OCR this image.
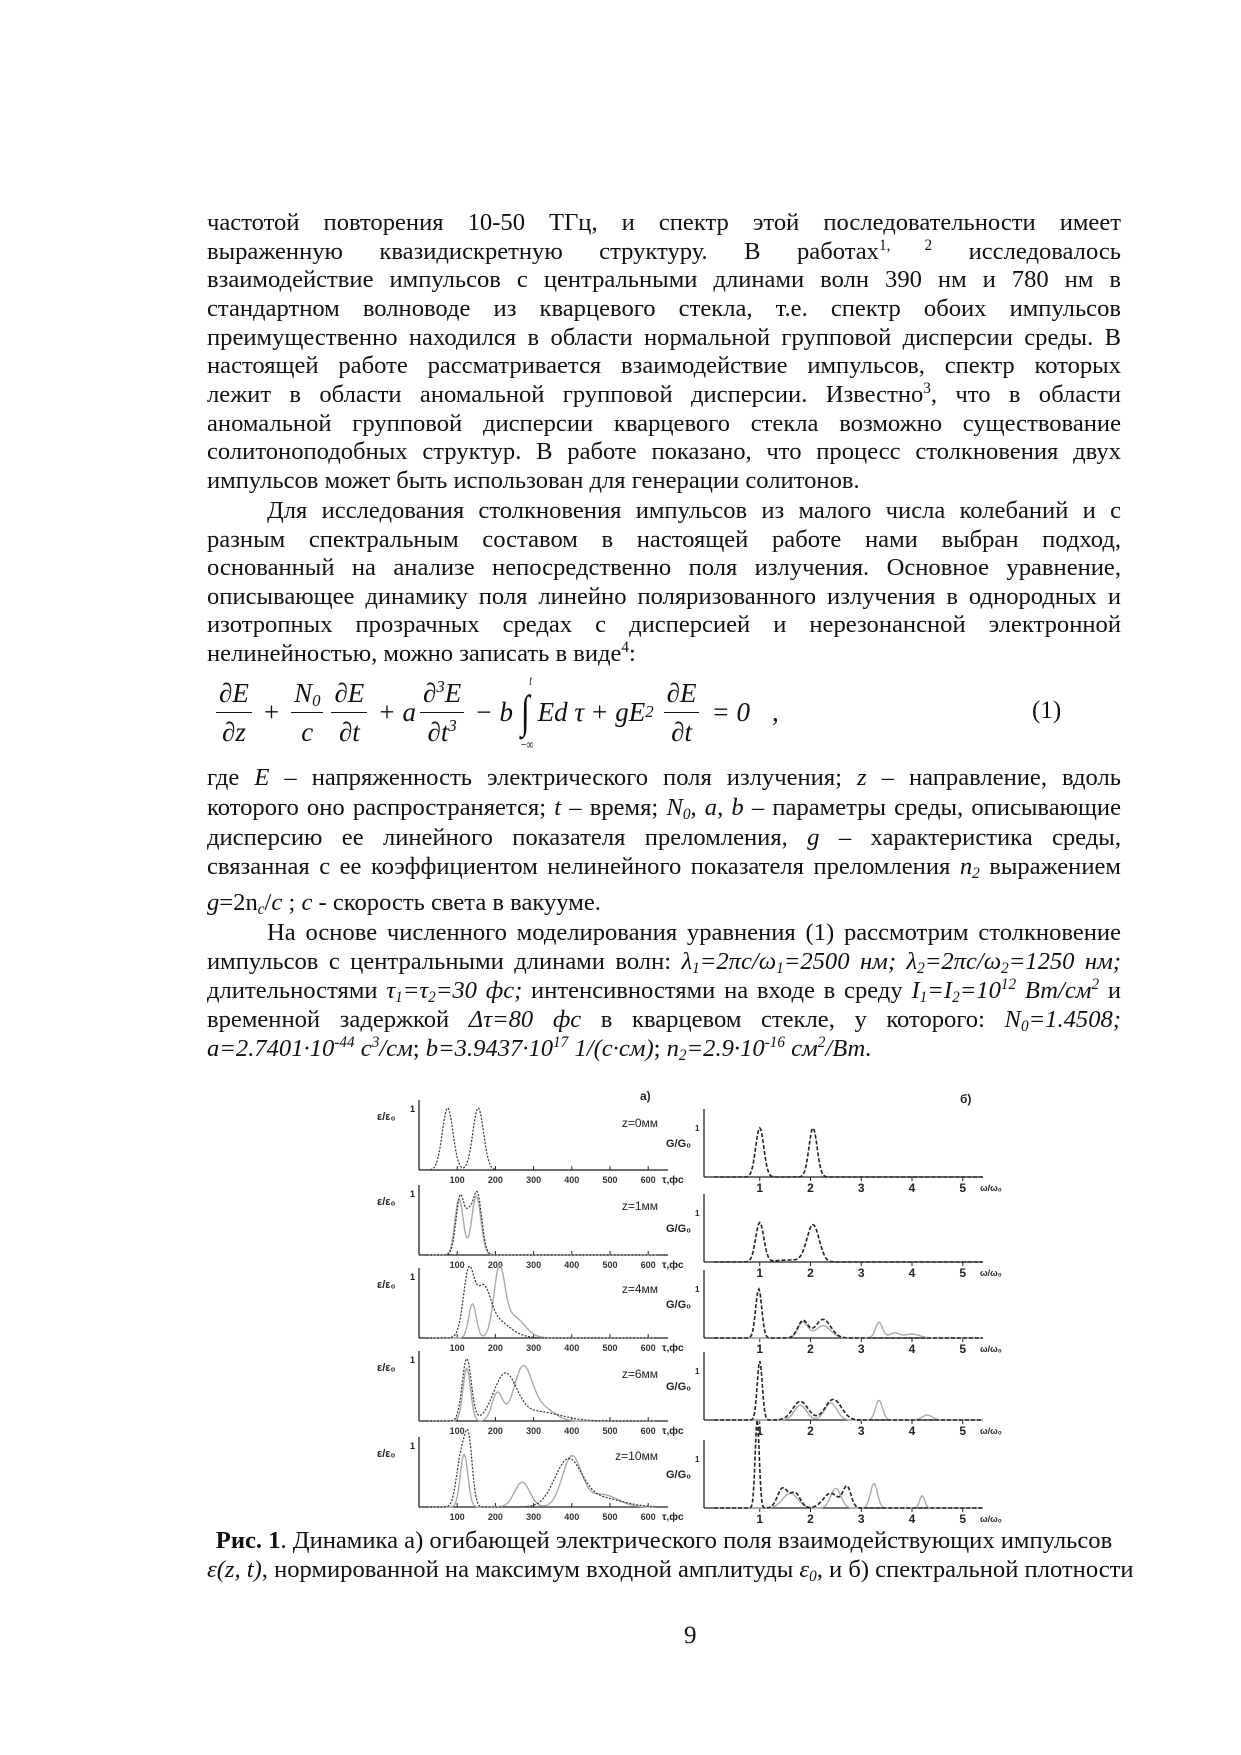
частотой повторения 10-50 ТГц, и спектр этой последовательности имеет
выраженную квазидискретную структуру. В работах$^{1, 2}$ исследовалось
взаимодействие импульсов с центральными длинами волн 390 нм и 780 нм в
стандартном волноводе из кварцевого стекла, т.е. спектр обоих импульсов
преимущественно находился в области нормальной групповой дисперсии среды. В
настоящей работе рассматривается взаимодействие импульсов, спектр которых
лежит в области аномальной групповой дисперсии. Известно$^3$, что в области
аномальной групповой дисперсии кварцевого стекла возможно существование
солитоноподобных структур. В работе показано, что процесс столкновения двух
импульсов может быть использован для генерации солитонов.
Для исследования столкновения импульсов из малого числа колебаний и с
разным спектральным составом в настоящей работе нами выбран подход,
основанный на анализе непосредственно поля излучения. Основное уравнение,
описывающее динамику поля линейно поляризованного излучения в однородных и
изотропных прозрачных средах с дисперсией и нерезонансной электронной
нелинейностью, можно записать в виде$^4$:
где E – напряженность электрического поля излучения; z – направление, вдоль
которого оно распространяется; t – время; $N_0$, a, b – параметры среды, описывающие
дисперсию ее линейного показателя преломления, g – характеристика среды,
связанная с ее коэффициентом нелинейного показателя преломления $n_2$ выражением
$g=2n_c/c$ ; c - скорость света в вакууме.
На основе численного моделирования уравнения (1) рассмотрим столкновение
импульсов с центральными длинами волн: $\lambda_1=2\pi c/\omega_1=2500$ нм; $\lambda_2=2\pi c/\omega_2=1250$ нм;
длительностями $\tau_1=\tau_2=30$ фс; интенсивностями на входе в среду $I_1=I_2=10^{12}$ $Вт/см^2$ и
временной задержкой Δτ=80 фс в кварцевом стекле, у которого: $N_0=1.4508$;
$a=2.7401\cdot 10^{-44}$ $c^3/см$; $b=3.9437\cdot 10^{17}$ 1/(c·см); $n_2=2.9\cdot 10^{-16}$ $см^2/Вт$.
$\frac{\partial E}{\partial z} + \frac{N_0}{c} \frac{\partial E}{\partial t} + a \frac{\partial^3E}{\partial t^3} - b$ ∫
t
−∞
Ed τ + gE $2 \frac{\partial E}{\partial t} = 0$ ,	(1)
ε/ε₀
1
100	200	300	400	500	600 τ,фс
z=0мм
G/G₀
1
1	2	3	4	5 ω/ω₀
ε/ε₀
1
100	200	300	400	500	600 τ,фс
z=1мм
G/G₀
1
1	2	3	4	5 ω/ω₀
ε/ε₀
1
100	200	300	400	500	600 τ,фс
z=4мм
G/G₀
1
1	2	3	4	5 ω/ω₀
ε/ε₀
1
100	200	300	400	500	600 τ,фс
z=6мм
G/G₀
1
1	2	3	4	5 ω/ω₀
ε/ε₀
1
100	200	300	400	500	600 τ,фс
z=10мм
G/G₀
1
1	2	3	4	5 ω/ω₀
а)	б)
Рис. 1. Динамика а) огибающей электрического поля взаимодействующих импульсов
ε(z, t), нормированной на максимум входной амплитуды $\varepsilon_0$, и б) спектральной плотности
9
